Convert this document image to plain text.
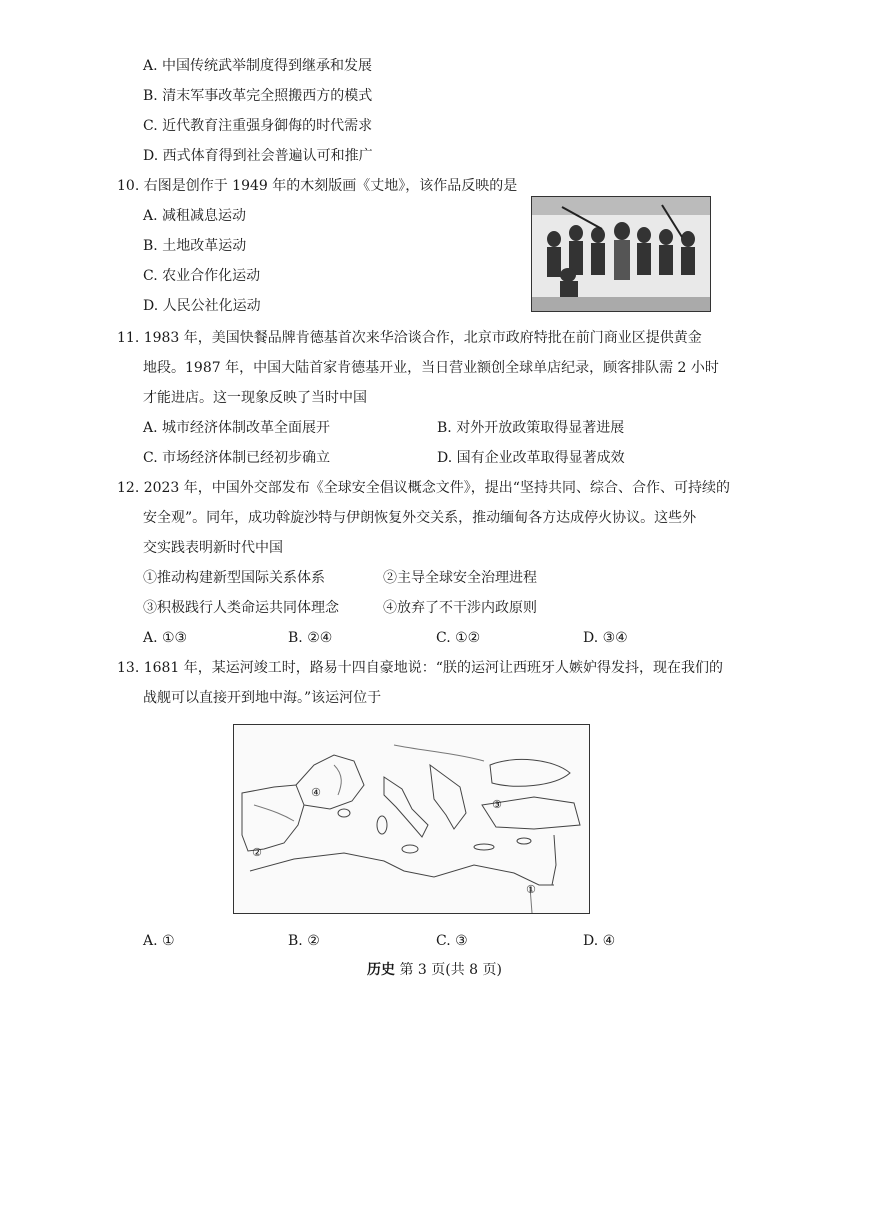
A. 中国传统武举制度得到继承和发展
B. 清末军事改革完全照搬西方的模式
C. 近代教育注重强身御侮的时代需求
D. 西式体育得到社会普遍认可和推广
10. 右图是创作于 1949 年的木刻版画《丈地》，该作品反映的是
A. 减租减息运动
B. 土地改革运动
C. 农业合作化运动
D. 人民公社化运动
11. 1983 年，美国快餐品牌肯德基首次来华洽谈合作，北京市政府特批在前门商业区提供黄金
地段。1987 年，中国大陆首家肯德基开业，当日营业额创全球单店纪录，顾客排队需 2 小时
才能进店。这一现象反映了当时中国
A. 城市经济体制改革全面展开	B. 对外开放政策取得显著进展
C. 市场经济体制已经初步确立	D. 国有企业改革取得显著成效
12. 2023 年，中国外交部发布《全球安全倡议概念文件》，提出“坚持共同、综合、合作、可持续的
安全观”。同年，成功斡旋沙特与伊朗恢复外交关系，推动缅甸各方达成停火协议。这些外
交实践表明新时代中国
①推动构建新型国际关系体系	②主导全球安全治理进程
③积极践行人类命运共同体理念	④放弃了不干涉内政原则
A. ①③	B. ②④	C. ①②	D. ③④
13. 1681 年，某运河竣工时，路易十四自豪地说：“朕的运河让西班牙人嫉妒得发抖，现在我们的
战舰可以直接开到地中海。”该运河位于
④
②
③
①
A. ①	B. ②	C. ③	D. ④
历史 第 3 页(共 8 页)
